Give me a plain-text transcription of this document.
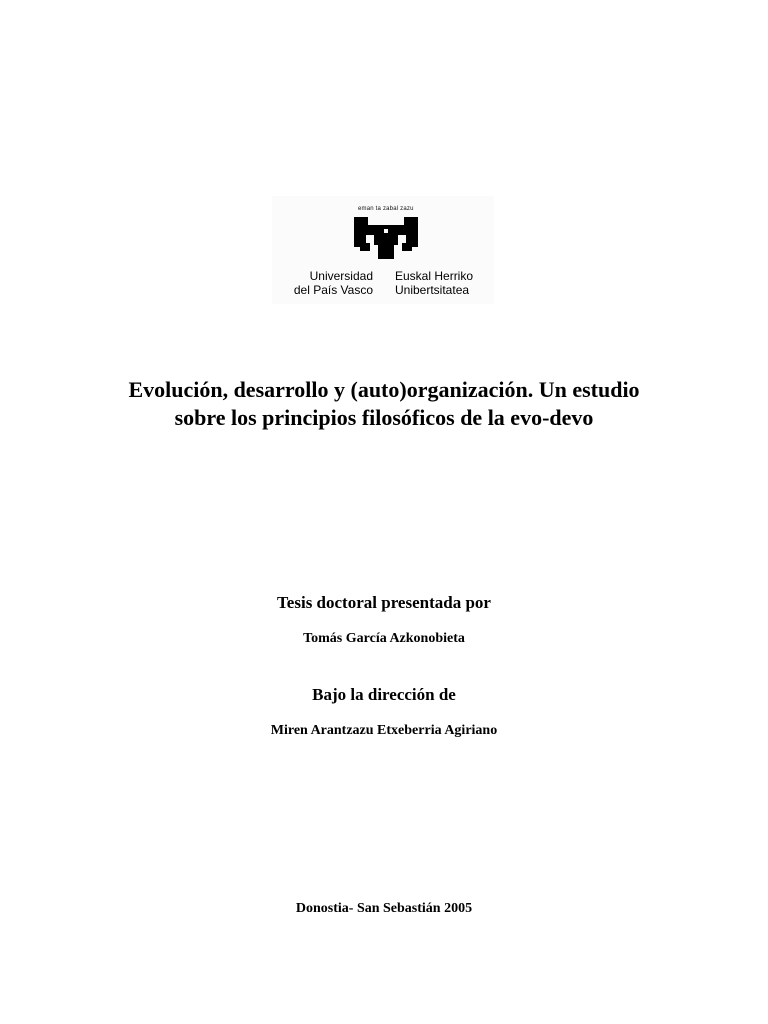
eman ta zabal zazu
Universidad
del País Vasco
Euskal Herriko
Unibertsitatea
Evolución, desarrollo y (auto)organización. Un estudio
sobre los principios filosóficos de la evo-devo
Tesis doctoral presentada por
Tomás García Azkonobieta
Bajo la dirección de
Miren Arantzazu Etxeberria Agiriano
Donostia- San Sebastián 2005
